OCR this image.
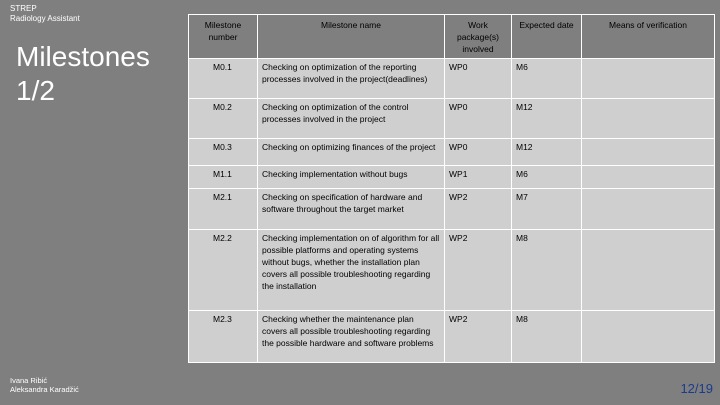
STREP
Radiology Assistant
Milestones
1/2
Milestone number	Milestone name	Work package(s) involved	Expected date	Means of verification
M0.1	Checking on optimization of the reporting processes involved in the project(deadlines)	WP0	M6	
M0.2	Checking on optimization of the control processes involved in the project	WP0	M12	
M0.3	Checking on optimizing finances of the project	WP0	M12	
M1.1	Checking implementation without bugs	WP1	M6	
M2.1	Checking on specification of hardware and software throughout the target market	WP2	M7	
M2.2	Checking implementation on of algorithm for all possible platforms and operating systems without bugs, whether the installation plan covers all possible troubleshooting regarding the installation	WP2	M8	
M2.3	Checking whether the maintenance plan covers all possible troubleshooting regarding the possible hardware and software problems	WP2	M8	
Ivana Ribić
Aleksandra Karadžić	12/19
